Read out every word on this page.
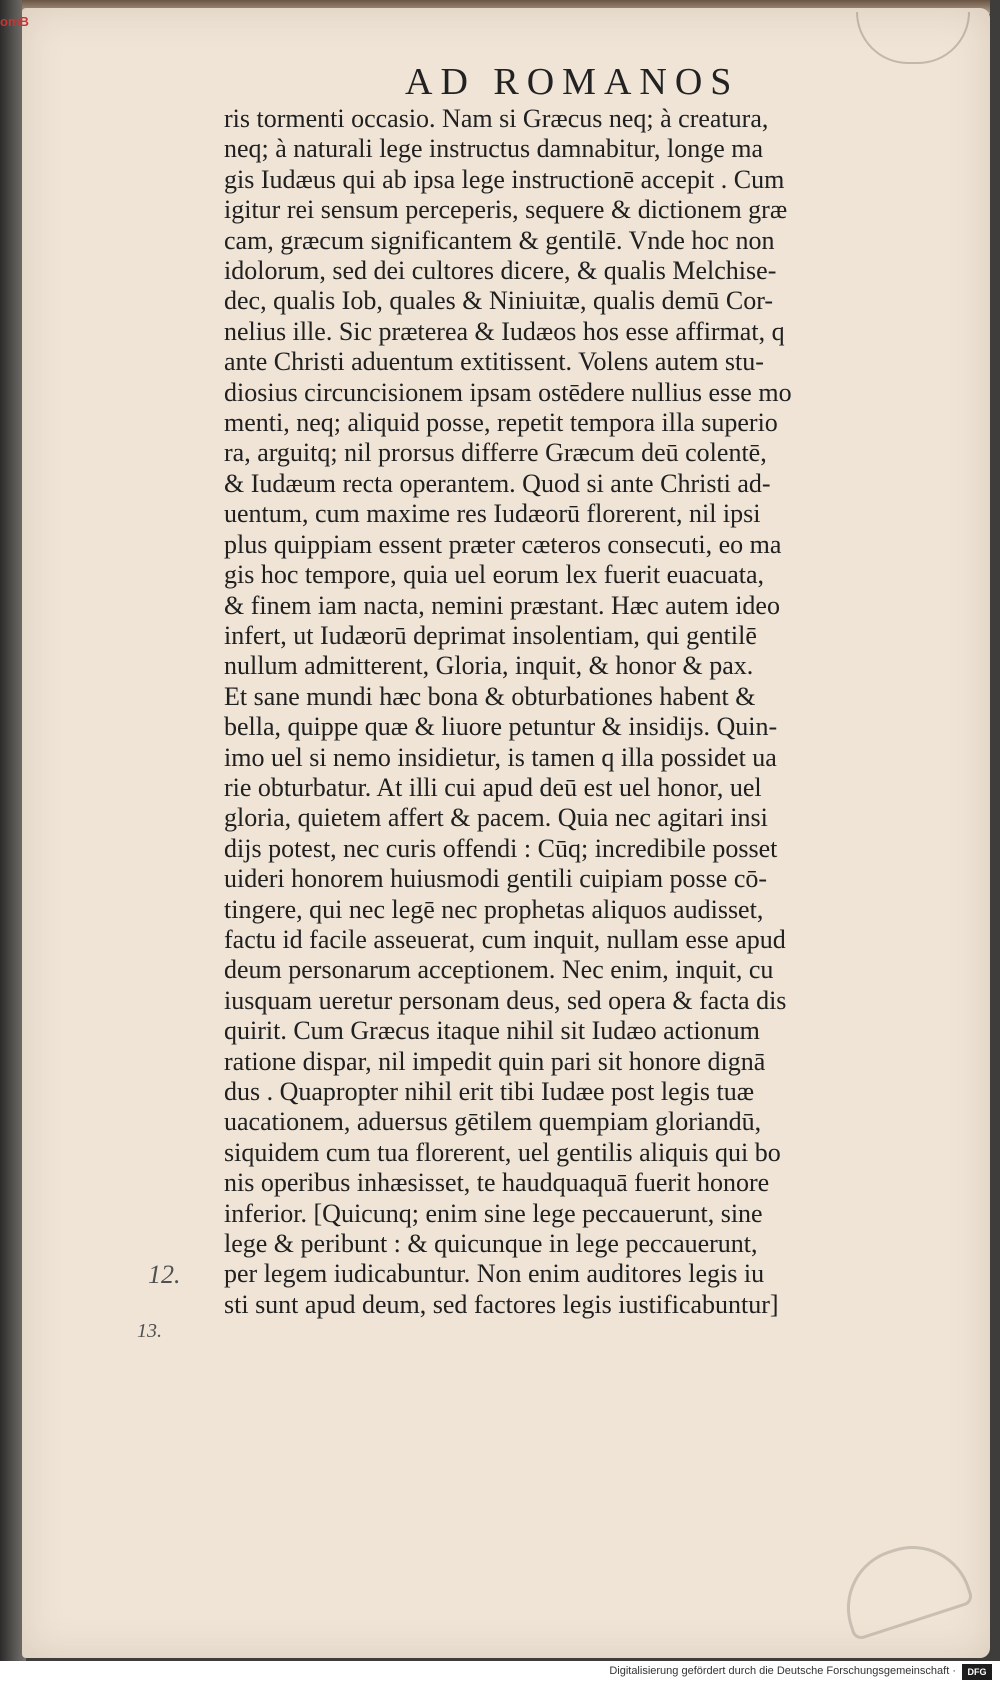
omB
AD ROMANOS

ris tormenti occasio. Nam si Græcus neq; à creatura,

neq; à naturali lege instructus damnabitur, longe ma

gis Iudæus qui ab ipsa lege instructionē accepit . Cum

igitur rei sensum perceperis, sequere & dictionem græ

cam, græcum significantem & gentilē. Vnde hoc non

idolorum, sed dei cultores dicere, & qualis Melchise-

dec, qualis Iob, quales & Niniuitæ, qualis demū Cor-

nelius ille. Sic præterea & Iudæos hos esse affirmat, q

ante Christi aduentum extitissent. Volens autem stu-

diosius circuncisionem ipsam ostēdere nullius esse mo

menti, neq; aliquid posse, repetit tempora illa superio

ra, arguitq; nil prorsus differre Græcum deū colentē,

& Iudæum recta operantem. Quod si ante Christi ad-

uentum, cum maxime res Iudæorū florerent, nil ipsi

plus quippiam essent præter cæteros consecuti, eo ma

gis hoc tempore, quia uel eorum lex fuerit euacuata,

& finem iam nacta, nemini præstant. Hæc autem ideo

infert, ut Iudæorū deprimat insolentiam, qui gentilē

nullum admitterent, Gloria, inquit, & honor & pax.

Et sane mundi hæc bona & obturbationes habent &

bella, quippe quæ & liuore petuntur & insidijs. Quin-

imo uel si nemo insidietur, is tamen q illa possidet ua

rie obturbatur. At illi cui apud deū est uel honor, uel

gloria, quietem affert & pacem. Quia nec agitari insi

dijs potest, nec curis offendi : Cūq; incredibile posset

uideri honorem huiusmodi gentili cuipiam posse cō-

tingere, qui nec legē nec prophetas aliquos audisset,

factu id facile asseuerat, cum inquit, nullam esse apud

deum personarum acceptionem. Nec enim, inquit, cu

iusquam ueretur personam deus, sed opera & facta dis

quirit. Cum Græcus itaque nihil sit Iudæo actionum

ratione dispar, nil impedit quin pari sit honore dignā

dus . Quapropter nihil erit tibi Iudæe post legis tuæ

uacationem, aduersus gētilem quempiam gloriandū,

siquidem cum tua florerent, uel gentilis aliquis qui bo

nis operibus inhæsisset, te haudquaquā fuerit honore

inferior. [Quicunq; enim sine lege peccauerunt, sine

lege & peribunt : & quicunque in lege peccauerunt,

per legem iudicabuntur. Non enim auditores legis iu

sti sunt apud deum, sed factores legis iustificabuntur]

12.
13.
Digitalisierung gefördert durch die Deutsche Forschungsgemeinschaft ·	DFG
